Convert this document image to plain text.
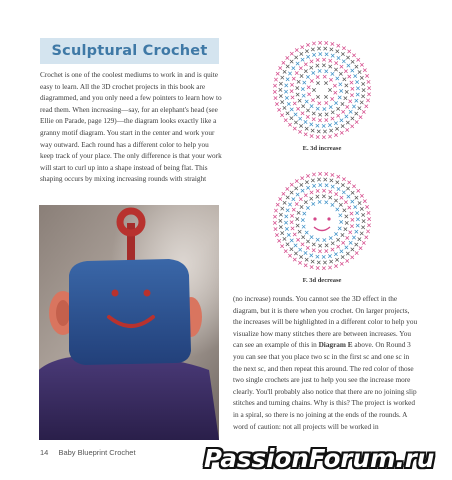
Sculptural Crochet

Crochet is one of the coolest mediums to work in and is quite easy to learn. All the 3D crochet projects in this book are diagrammed, and you only need a few pointers to learn how to read them. When increasing—say, for an elephant's head (see Ellie on Parade, page 129)—the diagram looks exactly like a granny motif diagram. You start in the center and work your way outward. Each round has a different color to help you keep track of your place. The only difference is that your work will start to curl up into a shape instead of being flat. This shaping occurs by mixing increasing rounds with straight

E. 3d increase
F. 3d decrease

(no increase) rounds. You cannot see the 3D effect in the diagram, but it is there when you crochet. On larger projects, the increases will be highlighted in a different color to help you visualize how many stitches there are between increases. You can see an example of this in Diagram E above. On Round 3 you can see that you place two sc in the first sc and one sc in the next sc, and then repeat this around. The red color of those two single crochets are just to help you see the increase more clearly. You'll probably also notice that there are no joining slip stitches and turning chains. Why is this? The project is worked in a spiral, so there is no joining at the ends of the rounds. A word of caution: not all projects will be worked in

14 Baby Blueprint Crochet	PassionForum.ru
